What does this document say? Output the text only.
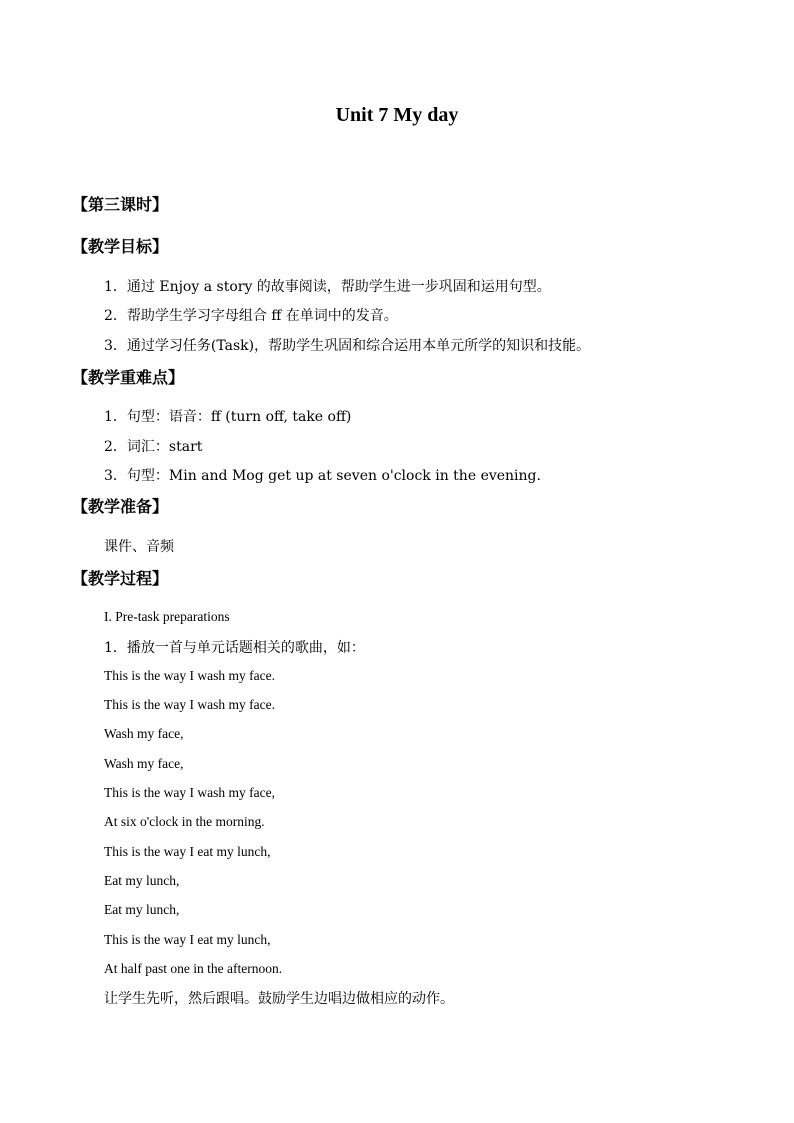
Unit 7 My day
【第三课时】
【教学目标】
1．通过 Enjoy a story 的故事阅读，帮助学生进一步巩固和运用句型。
2．帮助学生学习字母组合 ff 在单词中的发音。
3．通过学习任务(Task)，帮助学生巩固和综合运用本单元所学的知识和技能。
【教学重难点】
1．句型：语音：ff (turn off, take off)
2．词汇：start
3．句型：Min and Mog get up at seven o'clock in the evening.
【教学准备】
课件、音频
【教学过程】
I. Pre-task preparations
1．播放一首与单元话题相关的歌曲，如：
This is the way I wash my face.
This is the way I wash my face.
Wash my face,
Wash my face,
This is the way I wash my face,
At six o'clock in the morning.
This is the way I eat my lunch,
Eat my lunch,
Eat my lunch,
This is the way I eat my lunch,
At half past one in the afternoon.
让学生先听，然后跟唱。鼓励学生边唱边做相应的动作。
